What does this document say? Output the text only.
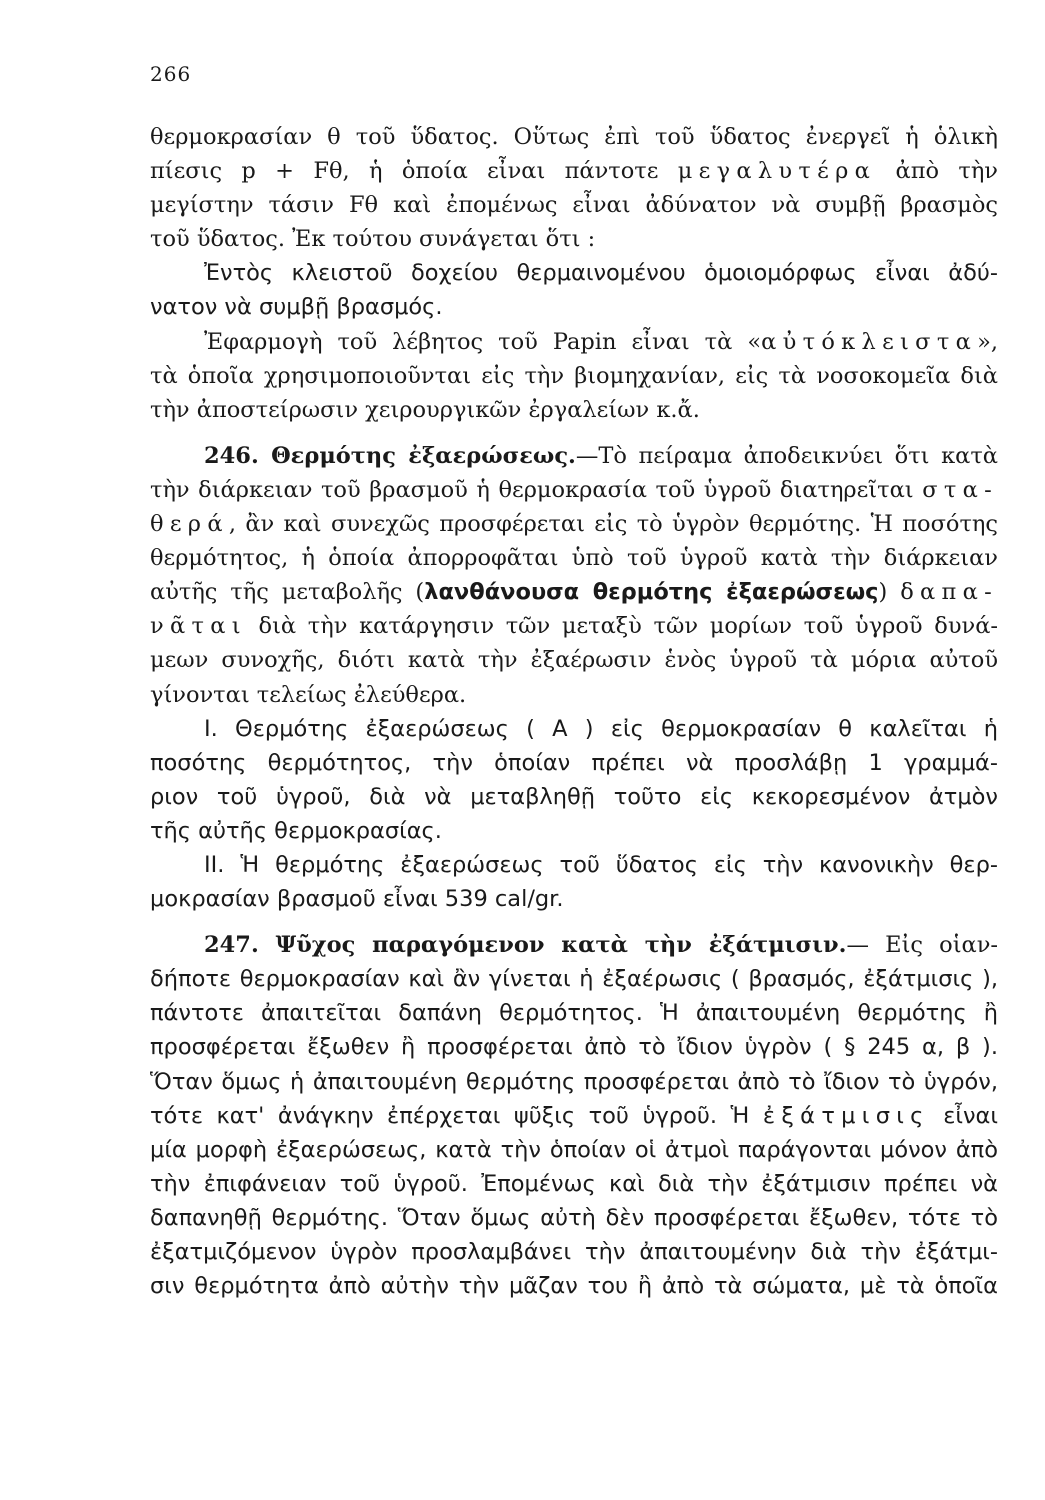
266
θερμοκρασίαν θ τοῦ ὕδατος. Οὕτως ἐπὶ τοῦ ὕδατος ἐνεργεῖ ἡ ὁλικὴ
πίεσις p + Fθ, ἡ ὁποία εἶναι πάντοτε μεγαλυτέρα ἀπὸ τὴν
μεγίστην τάσιν Fθ καὶ ἐπομένως εἶναι ἀδύνατον νὰ συμβῇ βρασμὸς
τοῦ ὕδατος. Ἐκ τούτου συνάγεται ὅτι :
Ἐντὸς κλειστοῦ δοχείου θερμαινομένου ὁμοιομόρφως εἶναι ἀδύ-
νατον νὰ συμβῇ βρασμός.
Ἐφαρμογὴ τοῦ λέβητος τοῦ Papin εἶναι τὰ «αὐτόκλειστα»,
τὰ ὁποῖα χρησιμοποιοῦνται εἰς τὴν βιομηχανίαν, εἰς τὰ νοσοκομεῖα διὰ
τὴν ἀποστείρωσιν χειρουργικῶν ἐργαλείων κ.ἄ.
246. Θερμότης ἐξαερώσεως.—Τὸ πείραμα ἀποδεικνύει ὅτι κατὰ
τὴν διάρκειαν τοῦ βρασμοῦ ἡ θερμοκρασία τοῦ ὑγροῦ διατηρεῖται στα-
θερά, ἂν καὶ συνεχῶς προσφέρεται εἰς τὸ ὑγρὸν θερμότης. Ἡ ποσότης
θερμότητος, ἡ ὁποία ἀπορροφᾶται ὑπὸ τοῦ ὑγροῦ κατὰ τὴν διάρκειαν
αὐτῆς τῆς μεταβολῆς (λανθάνουσα θερμότης ἐξαερώσεως) δαπα-
νᾶται διὰ τὴν κατάργησιν τῶν μεταξὺ τῶν μορίων τοῦ ὑγροῦ δυνά-
μεων συνοχῆς, διότι κατὰ τὴν ἐξαέρωσιν ἑνὸς ὑγροῦ τὰ μόρια αὐτοῦ
γίνονται τελείως ἐλεύθερα.
I. Θερμότης ἐξαερώσεως ( A ) εἰς θερμοκρασίαν θ καλεῖται ἡ
ποσότης θερμότητος, τὴν ὁποίαν πρέπει νὰ προσλάβῃ 1 γραμμά-
ριον τοῦ ὑγροῦ, διὰ νὰ μεταβληθῇ τοῦτο εἰς κεκορεσμένον ἀτμὸν
τῆς αὐτῆς θερμοκρασίας.
II. Ἡ θερμότης ἐξαερώσεως τοῦ ὕδατος εἰς τὴν κανονικὴν θερ-
μοκρασίαν βρασμοῦ εἶναι 539 cal/gr.
247. Ψῦχος παραγόμενον κατὰ τὴν ἐξάτμισιν.— Εἰς οἱαν-
δήποτε θερμοκρασίαν καὶ ἂν γίνεται ἡ ἐξαέρωσις ( βρασμός, ἐξάτμισις ),
πάντοτε ἀπαιτεῖται δαπάνη θερμότητος. Ἡ ἀπαιτουμένη θερμότης ἢ
προσφέρεται ἔξωθεν ἢ προσφέρεται ἀπὸ τὸ ἴδιον ὑγρὸν ( § 245 α, β ).
Ὅταν ὅμως ἡ ἀπαιτουμένη θερμότης προσφέρεται ἀπὸ τὸ ἴδιον τὸ ὑγρόν,
τότε κατ' ἀνάγκην ἐπέρχεται ψῦξις τοῦ ὑγροῦ. Ἡ ἐξάτμισις εἶναι
μία μορφὴ ἐξαερώσεως, κατὰ τὴν ὁποίαν οἱ ἀτμοὶ παράγονται μόνον ἀπὸ
τὴν ἐπιφάνειαν τοῦ ὑγροῦ. Ἐπομένως καὶ διὰ τὴν ἐξάτμισιν πρέπει νὰ
δαπανηθῇ θερμότης. Ὅταν ὅμως αὐτὴ δὲν προσφέρεται ἔξωθεν, τότε τὸ
ἐξατμιζόμενον ὑγρὸν προσλαμβάνει τὴν ἀπαιτουμένην διὰ τὴν ἐξάτμι-
σιν θερμότητα ἀπὸ αὐτὴν τὴν μᾶζαν του ἢ ἀπὸ τὰ σώματα, μὲ τὰ ὁποῖα
